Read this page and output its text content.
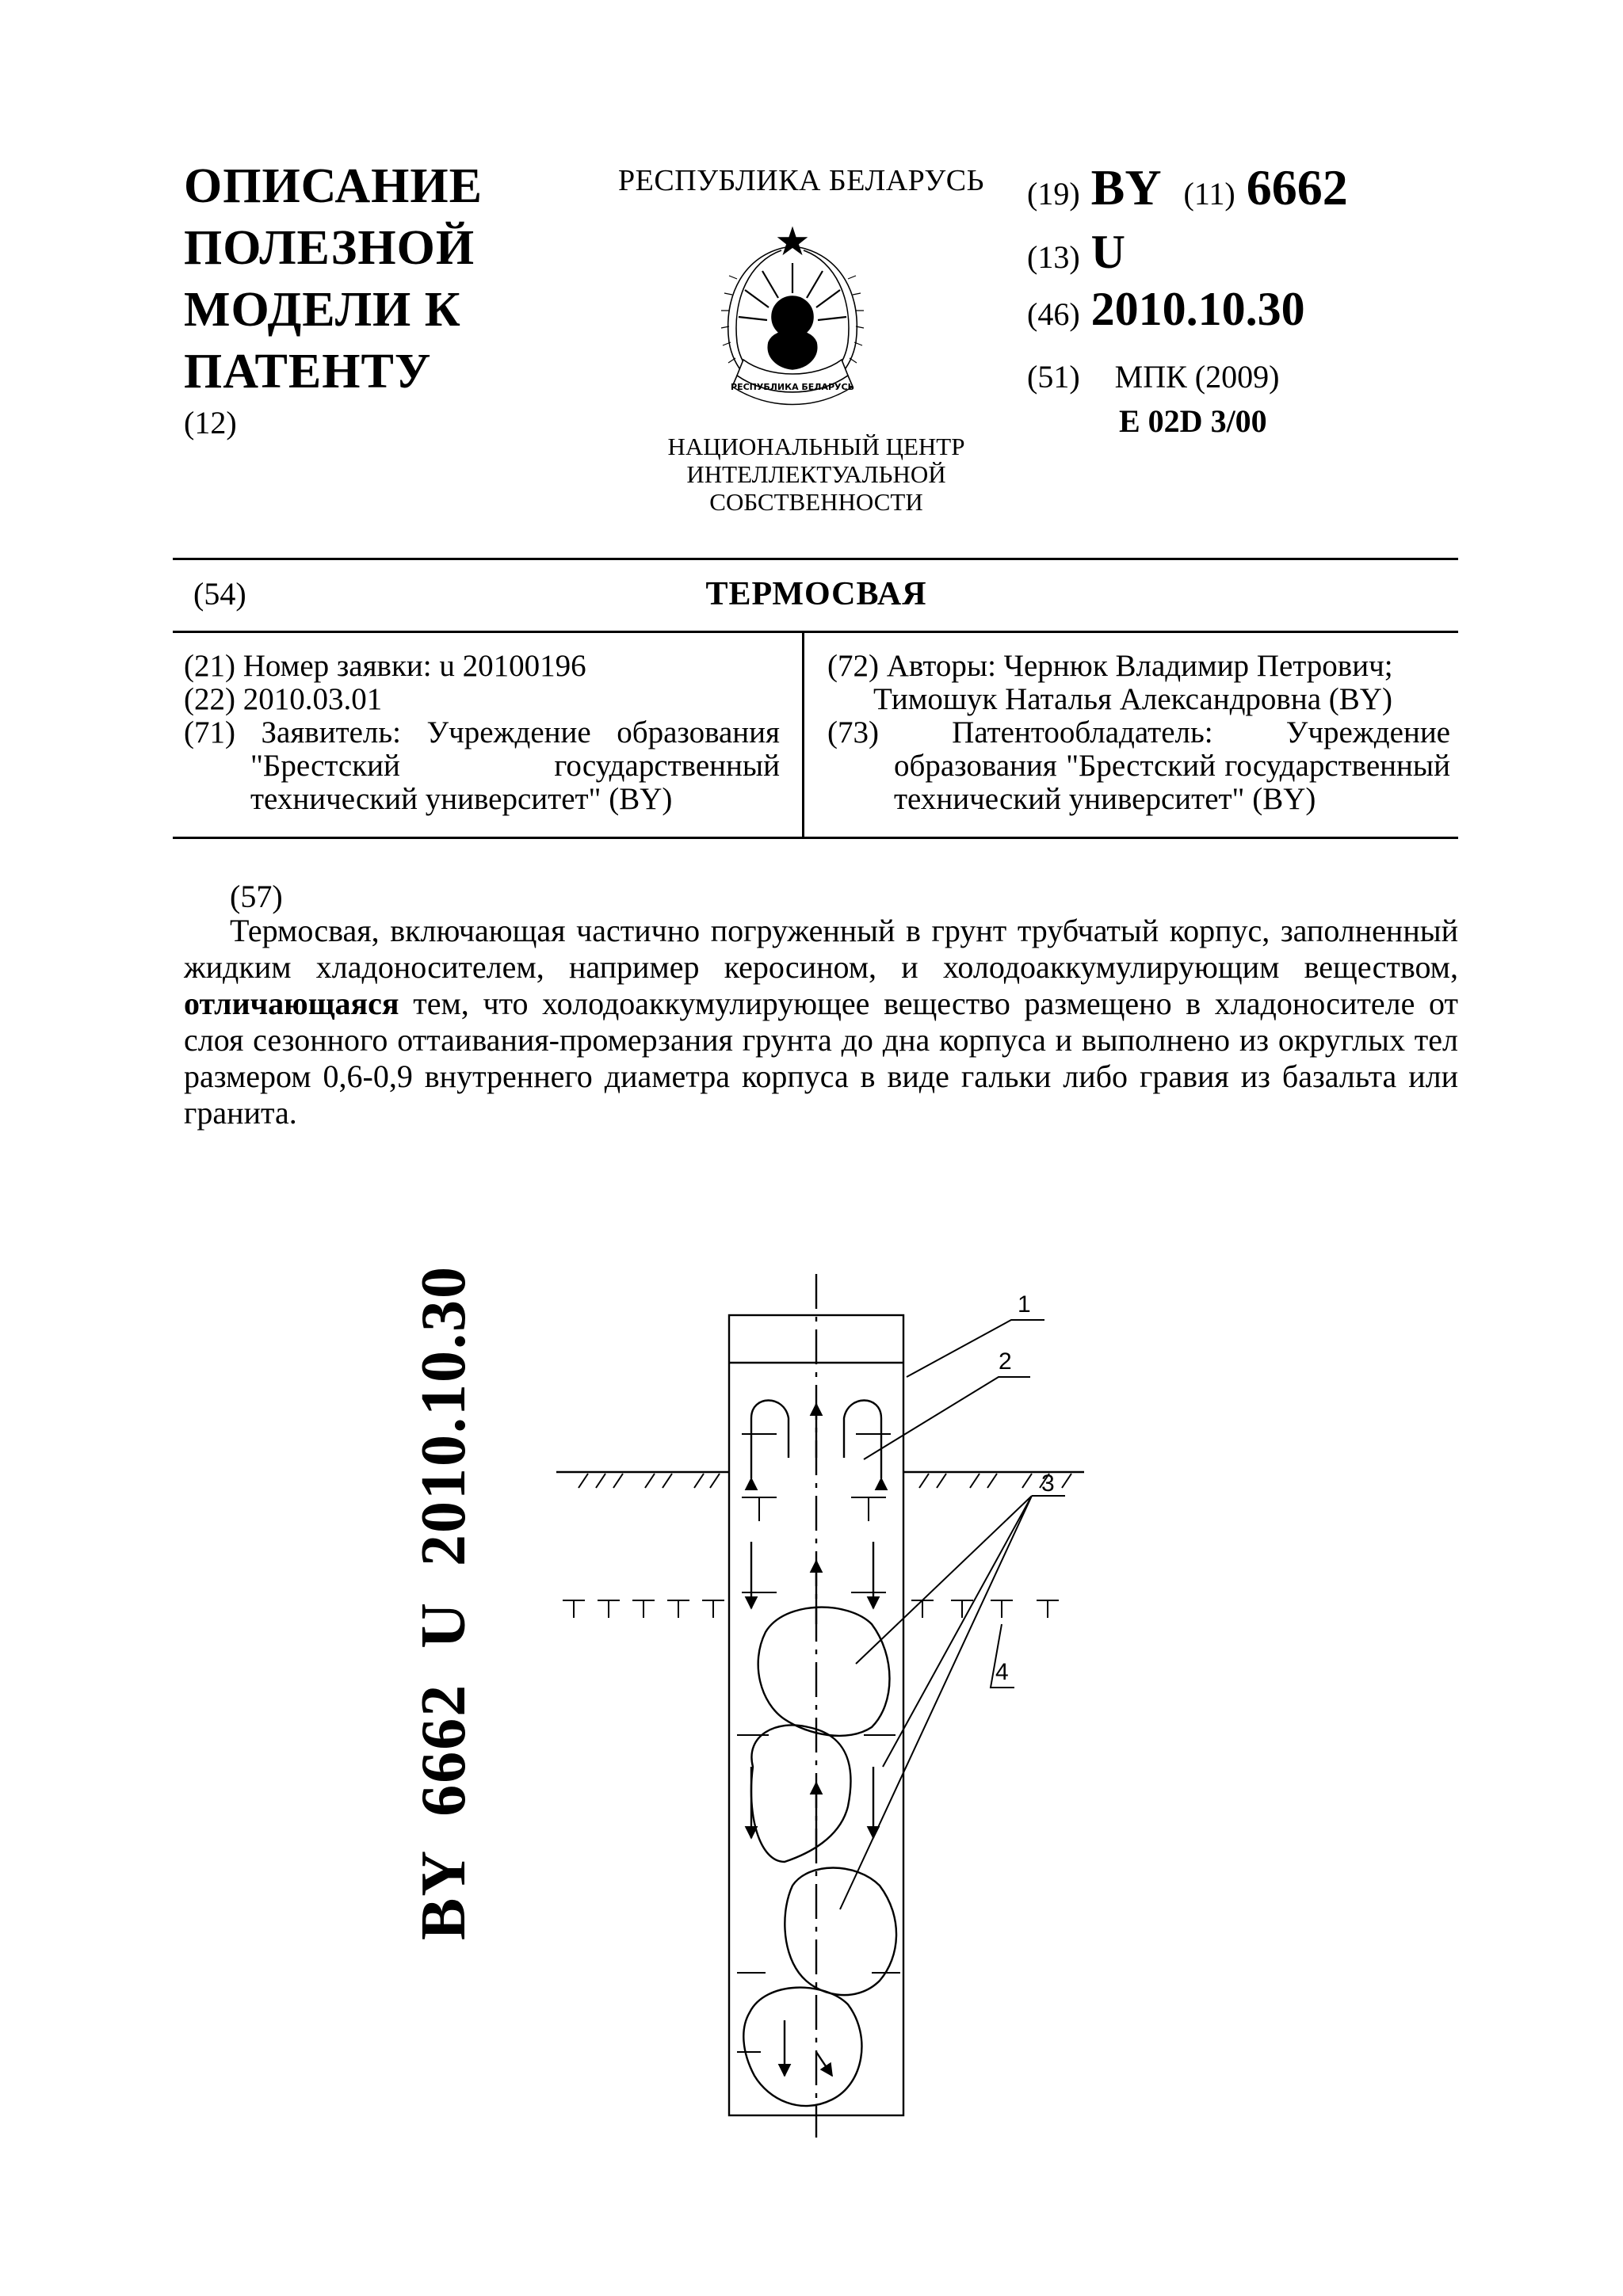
ОПИСАНИЕ ПОЛЕЗНОЙ МОДЕЛИ К ПАТЕНТУ
(12)
РЕСПУБЛИКА БЕЛАРУСЬ
РЕСПУБЛИКА БЕЛАРУСЬ
НАЦИОНАЛЬНЫЙ ЦЕНТР
ИНТЕЛЛЕКТУАЛЬНОЙ
СОБСТВЕННОСТИ
(19) BY (11) 6662
(13) U
(46) 2010.10.30
(51) МПК (2009)
E 02D 3/00
(54)	ТЕРМОСВАЯ

(21) Номер заявки: u 20100196

(22) 2010.03.01

(71) Заявитель: Учреждение образования "Брестский государственный технический университет" (BY)

(72) Авторы: Чернюк Владимир Петрович;

Тимошук Наталья Александровна (BY)

(73) Патентообладатель: Учреждение образования "Брестский государственный технический университет" (BY)

(57)

Термосвая, включающая частично погруженный в грунт трубчатый корпус, заполненный жидким хладоносителем, например керосином, и холодоаккумулирующим веществом, отличающаяся тем, что холодоаккумулирующее вещество размещено в хладоносителе от слоя сезонного оттаивания-промерзания грунта до дна корпуса и выполнено из округлых тел размером 0,6-0,9 внутреннего диаметра корпуса в виде гальки либо гравия из базальта или гранита.

1
2
3
4
BY  6662  U  2010.10.30
